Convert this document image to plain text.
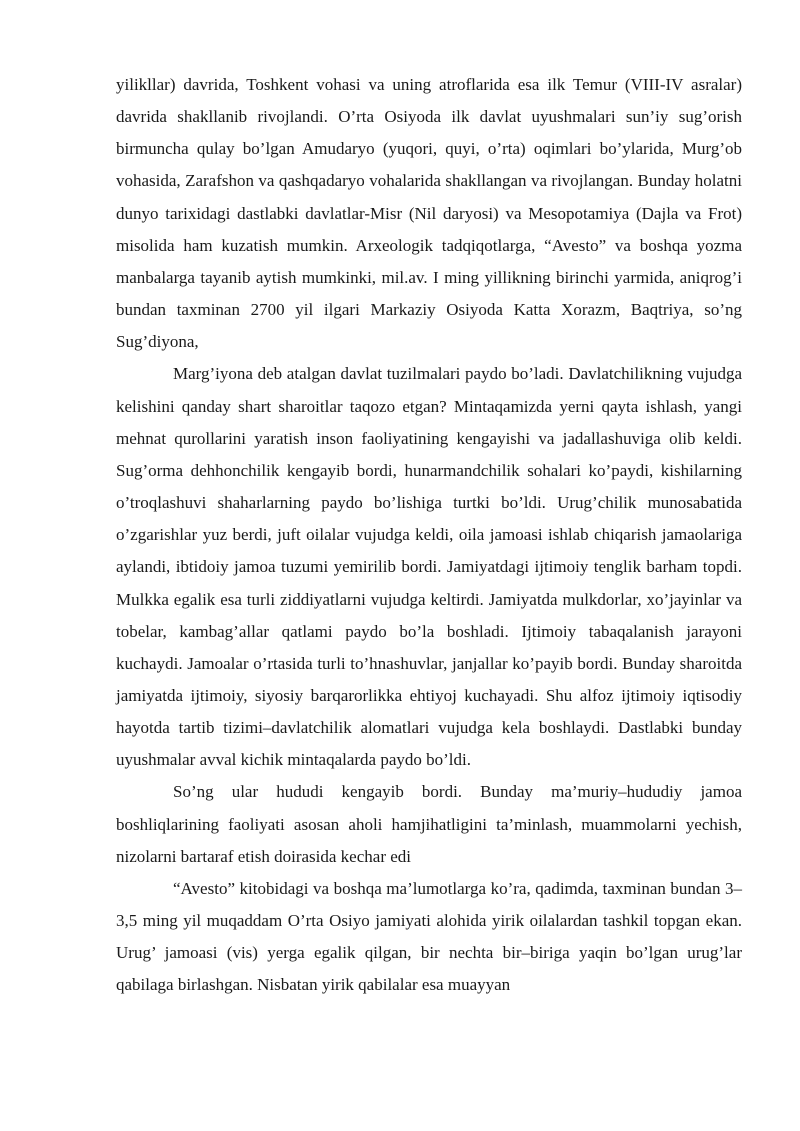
yilikllar) davrida, Toshkent vohasi va uning atroflarida esa ilk Temur (VIII-IV asralar) davrida shakllanib rivojlandi. O’rta Osiyoda ilk davlat uyushmalari sun’iy sug’orish birmuncha qulay bo’lgan Amudaryo (yuqori, quyi, o’rta) oqimlari bo’ylarida, Murg’ob vohasida, Zarafshon va qashqadaryo vohalarida shakllangan va rivojlangan. Bunday holatni dunyo tarixidagi dastlabki davlatlar-Misr (Nil daryosi) va Mesopotamiya (Dajla va Frot) misolida ham kuzatish mumkin. Arxeologik tadqiqotlarga, “Avesto” va boshqa yozma manbalarga tayanib aytish mumkinki, mil.av. I ming yillikning birinchi yarmida, aniqrog’i bundan taxminan 2700 yil ilgari Markaziy Osiyoda Katta Xorazm, Baqtriya, so’ng Sug’diyona,

Marg’iyona deb atalgan davlat tuzilmalari paydo bo’ladi. Davlatchilikning vujudga kelishini qanday shart sharoitlar taqozo etgan? Mintaqamizda yerni qayta ishlash, yangi mehnat qurollarini yaratish inson faoliyatining kengayishi va jadallashuviga olib keldi. Sug’orma dehhonchilik kengayib bordi, hunarmandchilik sohalari ko’paydi, kishilarning o’troqlashuvi shaharlarning paydo bo’lishiga turtki bo’ldi. Urug’chilik munosabatida o’zgarishlar yuz berdi, juft oilalar vujudga keldi, oila jamoasi ishlab chiqarish jamaolariga aylandi, ibtidoiy jamoa tuzumi yemirilib bordi. Jamiyatdagi ijtimoiy tenglik barham topdi. Mulkka egalik esa turli ziddiyatlarni vujudga keltirdi. Jamiyatda mulkdorlar, xo’jayinlar va tobelar, kambag’allar qatlami paydo bo’la boshladi. Ijtimoiy tabaqalanish jarayoni kuchaydi. Jamoalar o’rtasida turli to’hnashuvlar, janjallar ko’payib bordi. Bunday sharoitda jamiyatda ijtimoiy, siyosiy barqarorlikka ehtiyoj kuchayadi. Shu alfoz ijtimoiy iqtisodiy hayotda tartib tizimi–davlatchilik alomatlari vujudga kela boshlaydi. Dastlabki bunday uyushmalar avval kichik mintaqalarda paydo bo’ldi.

So’ng ular hududi kengayib bordi. Bunday ma’muriy–hududiy jamoa boshliqlarining faoliyati asosan aholi hamjihatligini ta’minlash, muammolarni yechish, nizolarni bartaraf etish doirasida kechar edi

“Avesto” kitobidagi va boshqa ma’lumotlarga ko’ra, qadimda, taxminan bundan 3–3,5 ming yil muqaddam O’rta Osiyo jamiyati alohida yirik oilalardan tashkil topgan ekan. Urug’ jamoasi (vis) yerga egalik qilgan, bir nechta bir–biriga yaqin bo’lgan urug’lar qabilaga birlashgan. Nisbatan yirik qabilalar esa muayyan
